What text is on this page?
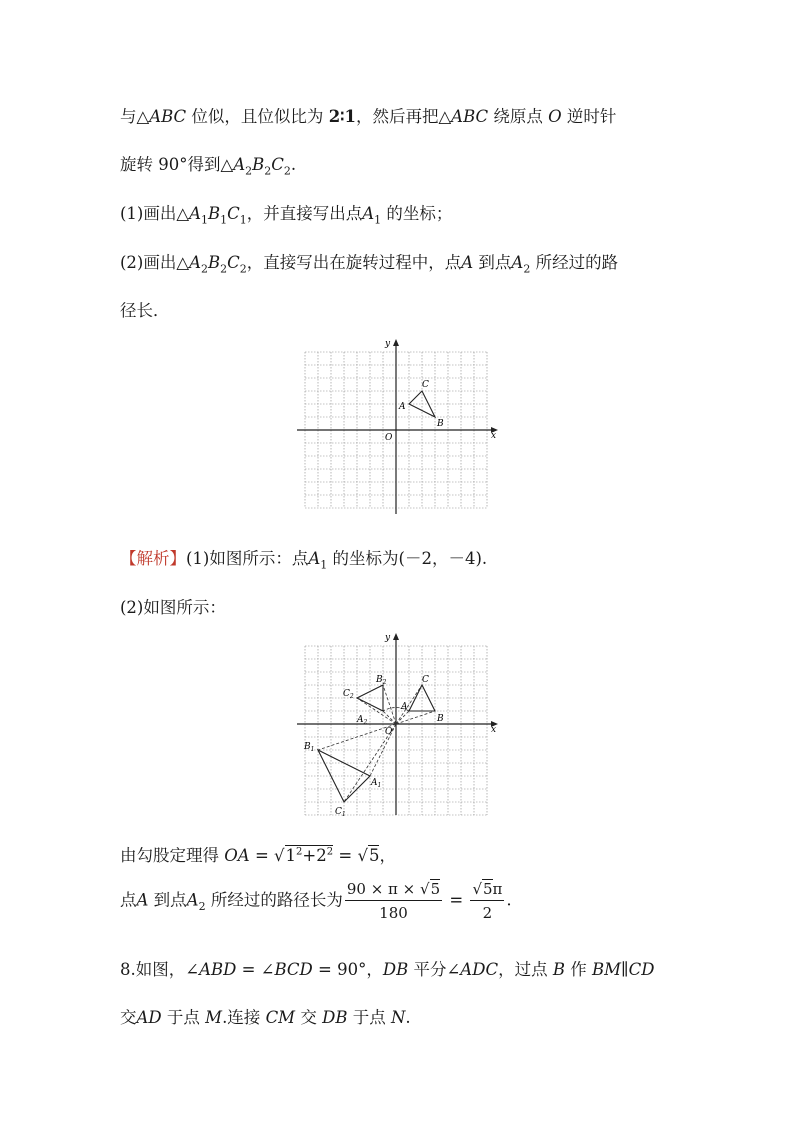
与△ABC 位似，且位似比为 2∶1，然后再把△ABC 绕原点 O 逆时针
旋转 90°得到$\triangle A_2B_2C_2$.
(1)画出$\triangle A_1B_1C_1$，并直接写出点$A_1$ 的坐标；
(2)画出$\triangle A_2B_2C_2$，直接写出在旋转过程中，点A 到点$A_2$ 所经过的路
径长．
x
y
O
A
C
B
【解析】(1)如图所示：点$A_1$ 的坐标为(－2，－4).
(2)如图所示：
x
y
O
A
C
B
$A_2$
$B_2$
$C_2$
$A_1$
$B_1$
$C_1$
由勾股定理得 OA = $√1^2+2^2 = √5$，
点A 到点$A_2$ 所经过的路径长为 $\frac{90 \times \pi \times √5}{180} = \frac{√5\pi}{2}$ .
8.如图，∠ABD = ∠BCD = 90°，DB 平分∠ADC，过点 B 作 BM∥CD
交AD 于点 M.连接 CM 交 DB 于点 N.
